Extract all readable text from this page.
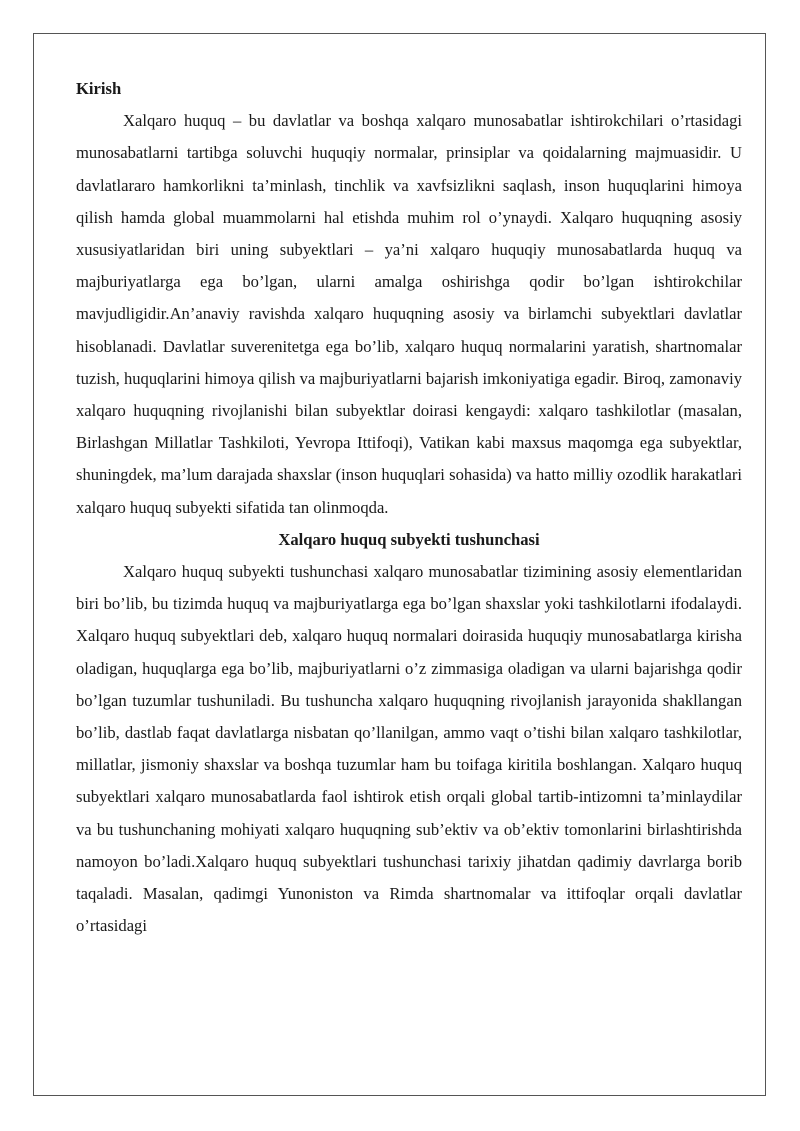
Kirish

Xalqaro huquq – bu davlatlar va boshqa xalqaro munosabatlar ishtirokchilari o’rtasidagi munosabatlarni tartibga soluvchi huquqiy normalar, prinsiplar va qoidalarning majmuasidir. U davlatlararo hamkorlikni ta’minlash, tinchlik va xavfsizlikni saqlash, inson huquqlarini himoya qilish hamda global muammolarni hal etishda muhim rol o’ynaydi. Xalqaro huquqning asosiy xususiyatlaridan biri uning subyektlari – ya’ni xalqaro huquqiy munosabatlarda huquq va majburiyatlarga ega bo’lgan, ularni amalga oshirishga qodir bo’lgan ishtirokchilar mavjudligidir.An’anaviy ravishda xalqaro huquqning asosiy va birlamchi subyektlari davlatlar hisoblanadi. Davlatlar suverenitetga ega bo’lib, xalqaro huquq normalarini yaratish, shartnomalar tuzish, huquqlarini himoya qilish va majburiyatlarni bajarish imkoniyatiga egadir. Biroq, zamonaviy xalqaro huquqning rivojlanishi bilan subyektlar doirasi kengaydi: xalqaro tashkilotlar (masalan, Birlashgan Millatlar Tashkiloti, Yevropa Ittifoqi), Vatikan kabi maxsus maqomga ega subyektlar, shuningdek, ma’lum darajada shaxslar (inson huquqlari sohasida) va hatto milliy ozodlik harakatlari xalqaro huquq subyekti sifatida tan olinmoqda.

Xalqaro huquq subyekti tushunchasi

Xalqaro huquq subyekti tushunchasi xalqaro munosabatlar tizimining asosiy elementlaridan biri bo’lib, bu tizimda huquq va majburiyatlarga ega bo’lgan shaxslar yoki tashkilotlarni ifodalaydi. Xalqaro huquq subyektlari deb, xalqaro huquq normalari doirasida huquqiy munosabatlarga kirisha oladigan, huquqlarga ega bo’lib, majburiyatlarni o’z zimmasiga oladigan va ularni bajarishga qodir bo’lgan tuzumlar tushuniladi. Bu tushuncha xalqaro huquqning rivojlanish jarayonida shakllangan bo’lib, dastlab faqat davlatlarga nisbatan qo’llanilgan, ammo vaqt o’tishi bilan xalqaro tashkilotlar, millatlar, jismoniy shaxslar va boshqa tuzumlar ham bu toifaga kiritila boshlangan. Xalqaro huquq subyektlari xalqaro munosabatlarda faol ishtirok etish orqali global tartib-intizomni ta’minlaydilar va bu tushunchaning mohiyati xalqaro huquqning sub’ektiv va ob’ektiv tomonlarini birlashtirishda namoyon bo’ladi.Xalqaro huquq subyektlari tushunchasi tarixiy jihatdan qadimiy davrlarga borib taqaladi. Masalan, qadimgi Yunoniston va Rimda shartnomalar va ittifoqlar orqali davlatlar o’rtasidagi
